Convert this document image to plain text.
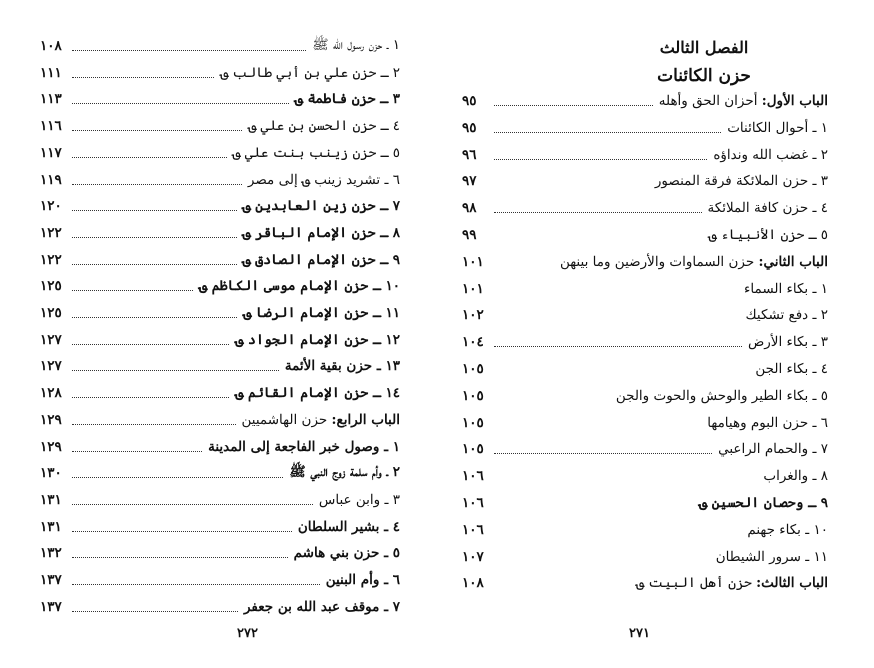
٢٧٢
١ ـ حزن رسول الله ﷺ
١٠٨
٢ ـ حزن علي بن أبي طالب ؈
١١١
٣ ـ حزن فاطمة ؈
١١٣
٤ ـ حزن الحسن بن علي ؈
١١٦
٥ ـ حزن زينب بنت علي ؈
١١٧
٦ ـ تشريد زينب ؈ إلى مصر
١١٩
٧ ـ حزن زين العابدين ؈
١٢٠
٨ ـ حزن الإمام الباقر ؈
١٢٢
٩ ـ حزن الإمام الصادق ؈
١٢٢
١٠ ـ حزن الإمام موسى الكاظم ؈
١٢٥
١١ ـ حزن الإمام الرضا ؈
١٢٥
١٢ ـ حزن الإمام الجواد ؈
١٢٧
١٣ ـ حزن بقية الأئمة
١٢٧
١٤ ـ حزن الإمام القائم ؈
١٢٨
الباب الرابع: حزن الهاشميين
١٢٩
١ ـ وصول خبر الفاجعة إلى المدينة
١٢٩
٢ ـ وأم سلمة زوج النبي ﷺ
١٣٠
٣ ـ وابن عباس
١٣١
٤ ـ بشير السلطان
١٣١
٥ ـ حزن بني هاشم
١٣٢
٦ ـ وأم البنين
١٣٧
٧ ـ موقف عبد الله بن جعفر
١٣٧
الفصل الثالث
حزن الكائنات
٢٧١
الباب الأول: أحزان الحق وأهله
٩٥
١ ـ أحوال الكائنات
٩٥
٢ ـ غضب الله ونداؤه
٩٦
٣ ـ حزن الملائكة فرقة المنصور
٩٧
٤ ـ حزن كافة الملائكة
٩٨
٥ ـ حزن الأنبياء ؈
٩٩
الباب الثاني: حزن السماوات والأرضين وما بينهن
١٠١
١ ـ بكاء السماء
١٠١
٢ ـ دفع تشكيك
١٠٢
٣ ـ بكاء الأرض
١٠٤
٤ ـ بكاء الجن
١٠٥
٥ ـ بكاء الطير والوحش والحوت والجن
١٠٥
٦ ـ حزن البوم وهيامها
١٠٥
٧ ـ والحمام الراعبي
١٠٥
٨ ـ والغراب
١٠٦
٩ ـ وحصان الحسين ؈
١٠٦
١٠ ـ بكاء جهنم
١٠٦
١١ ـ سرور الشيطان
١٠٧
الباب الثالث: حزن أهل البيت ؈
١٠٨
